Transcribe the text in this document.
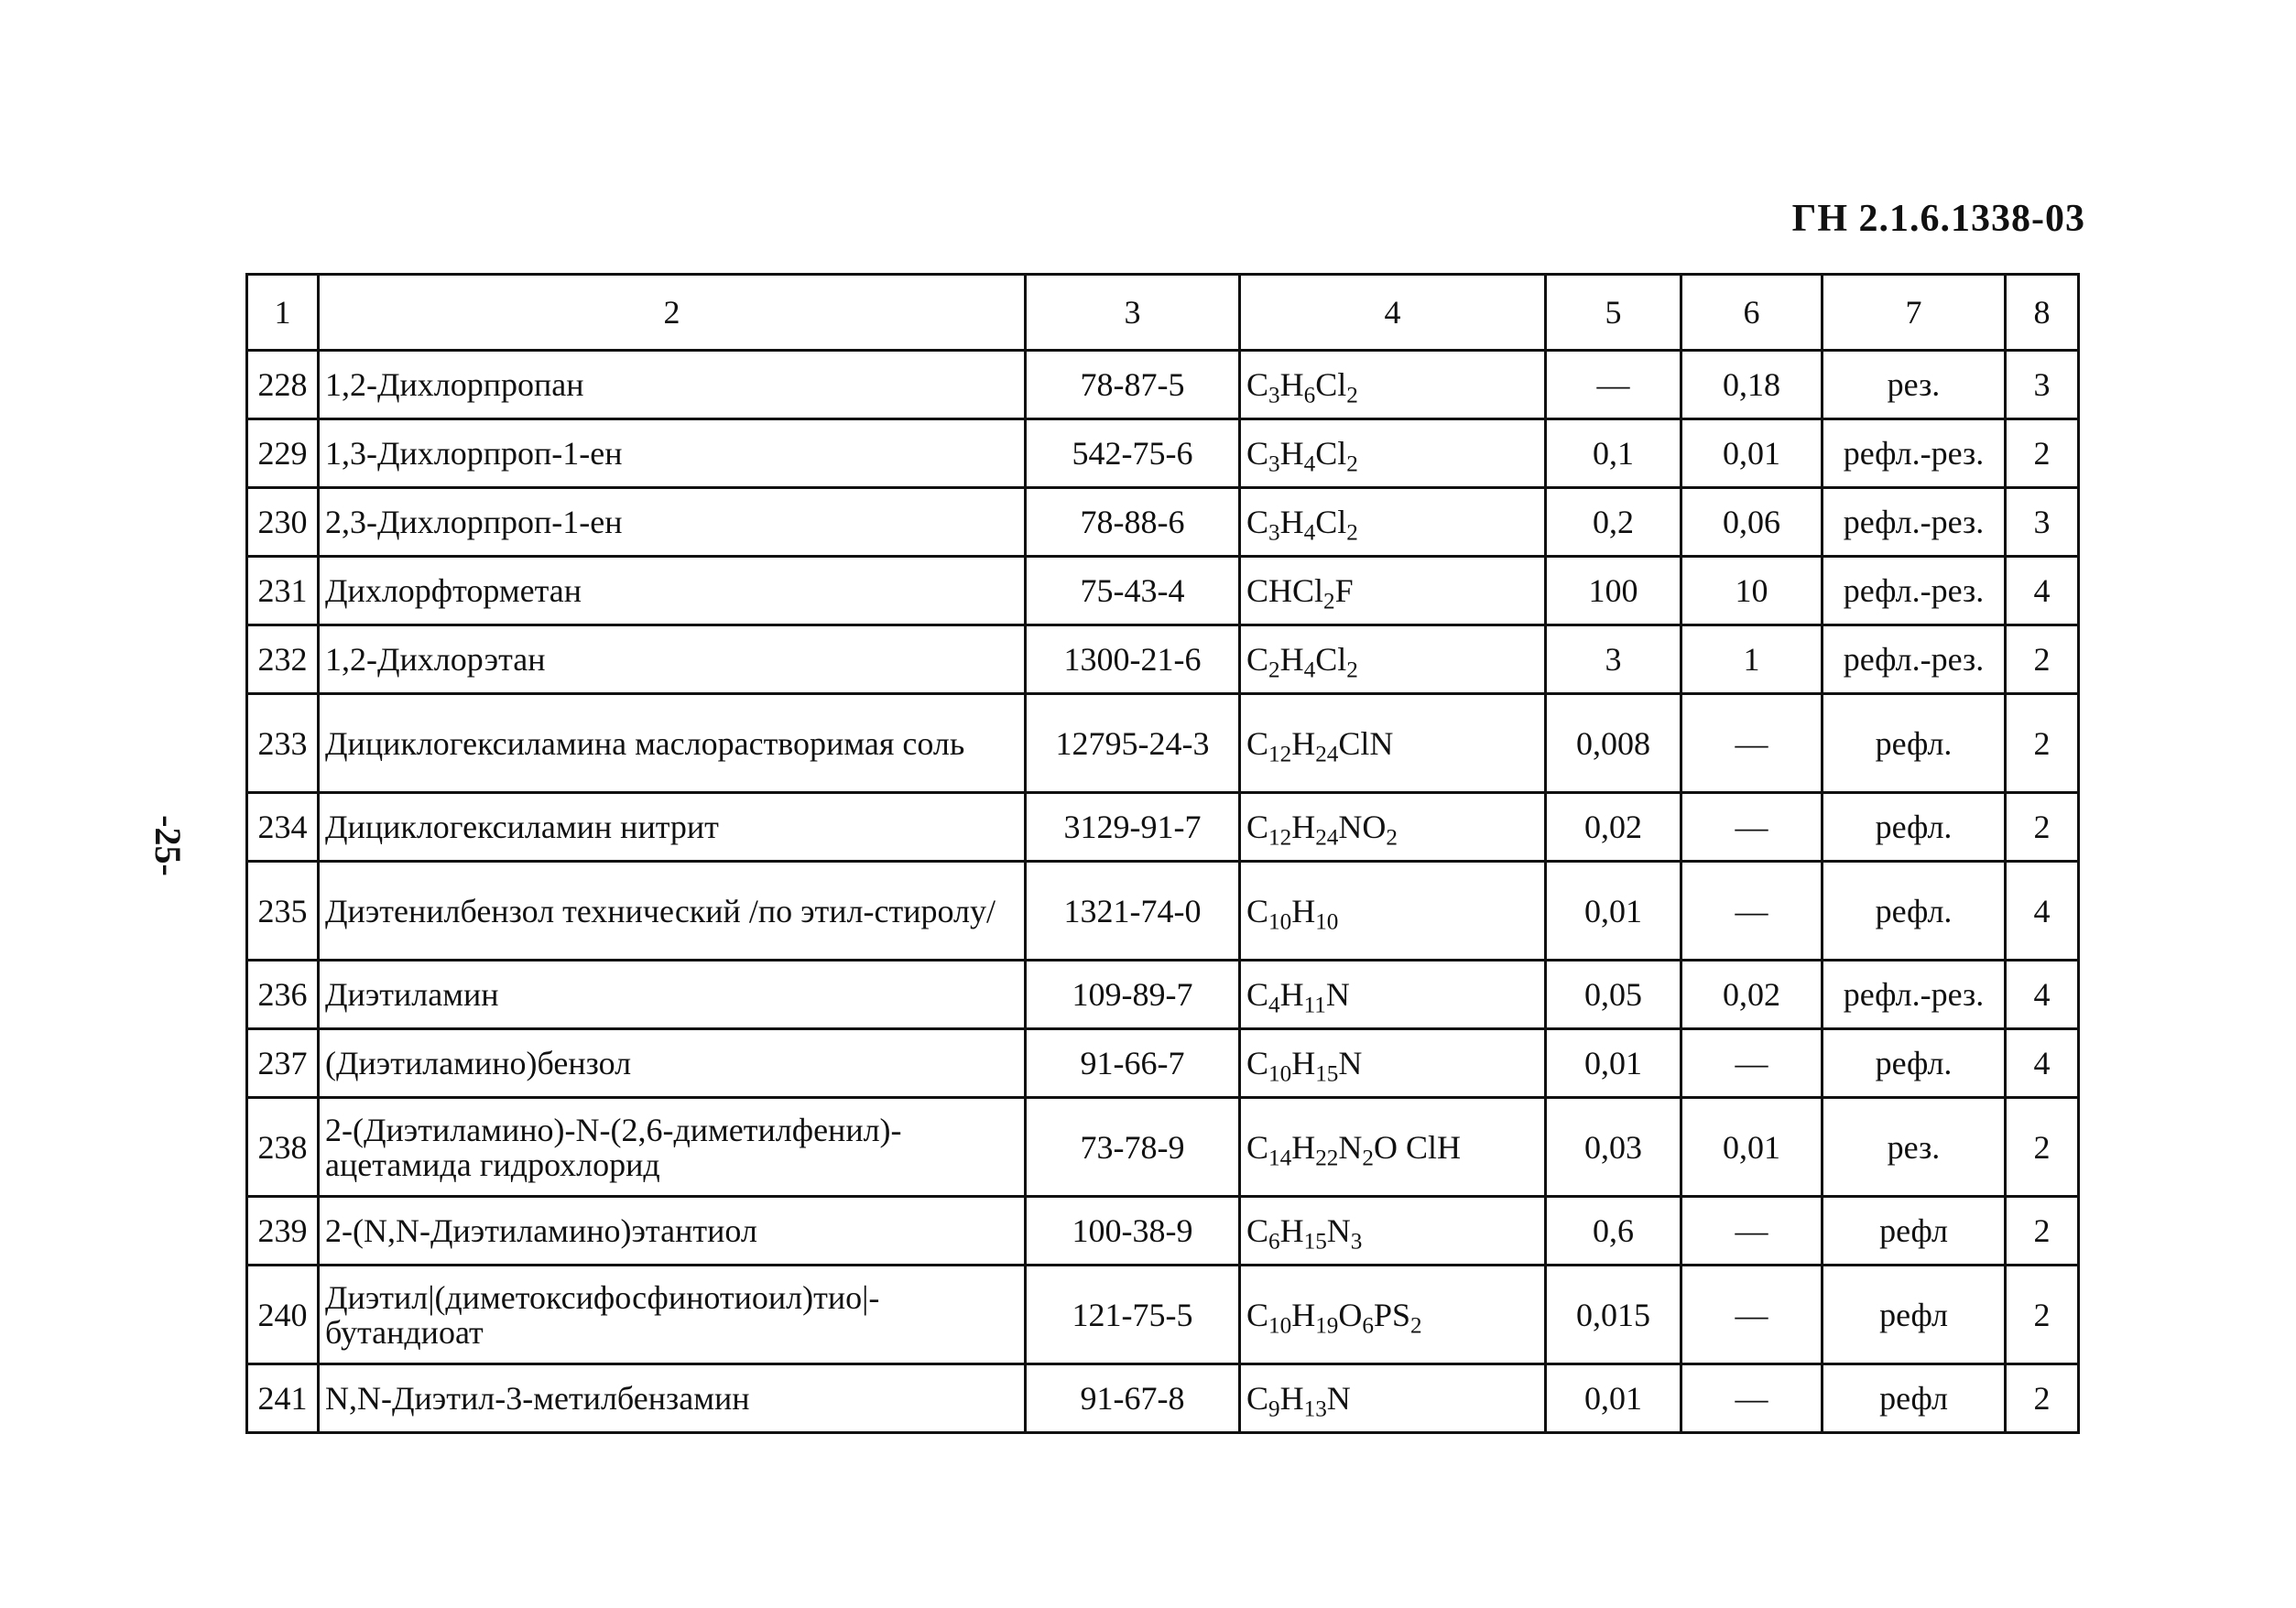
ГН 2.1.6.1338-03
-25-
1	2	3	4	5	6	7	8
228	1,2-Дихлорпропан	78-87-5	$C_3H_6Cl_2$	—	0,18	рез.	3
229	1,3-Дихлорпроп-1-ен	542-75-6	$C_3H_4Cl_2$	0,1	0,01	рефл.-рез.	2
230	2,3-Дихлорпроп-1-ен	78-88-6	$C_3H_4Cl_2$	0,2	0,06	рефл.-рез.	3
231	Дихлорфторметан	75-43-4	CHCl$_2$F	100	10	рефл.-рез.	4
232	1,2-Дихлорэтан	1300-21-6	$C_2H_4Cl_2$	3	1	рефл.-рез.	2
233	Дициклогексиламина маслорастворимая соль	12795-24-3	$C_{12}H_{24}ClN$	0,008	—	рефл.	2
234	Дициклогексиламин нитрит	3129-91-7	$C_{12}H_{24}NO_2$	0,02	—	рефл.	2
235	Диэтенилбензол технический /по этил-стиролу/	1321-74-0	$C_{10}H_{10}$	0,01	—	рефл.	4
236	Диэтиламин	109-89-7	$C_4H_{11}N$	0,05	0,02	рефл.-рез.	4
237	(Диэтиламино)бензол	91-66-7	$C_{10}H_{15}N$	0,01	—	рефл.	4
238	2-(Диэтиламино)-N-(2,6-диметилфенил)-ацетамида гидрохлорид	73-78-9	$C_{14}H_{22}N_2O$ ClH	0,03	0,01	рез.	2
239	2-(N,N-Диэтиламино)этантиол	100-38-9	$C_6H_{15}N_3$	0,6	—	рефл	2
240	Диэтил|(диметоксифосфинотиоил)тио|-бутандиоат	121-75-5	$C_{10}H_{19}O_6PS_2$	0,015	—	рефл	2
241	N,N-Диэтил-3-метилбензамин	91-67-8	$C_9H_{13}N$	0,01	—	рефл	2
